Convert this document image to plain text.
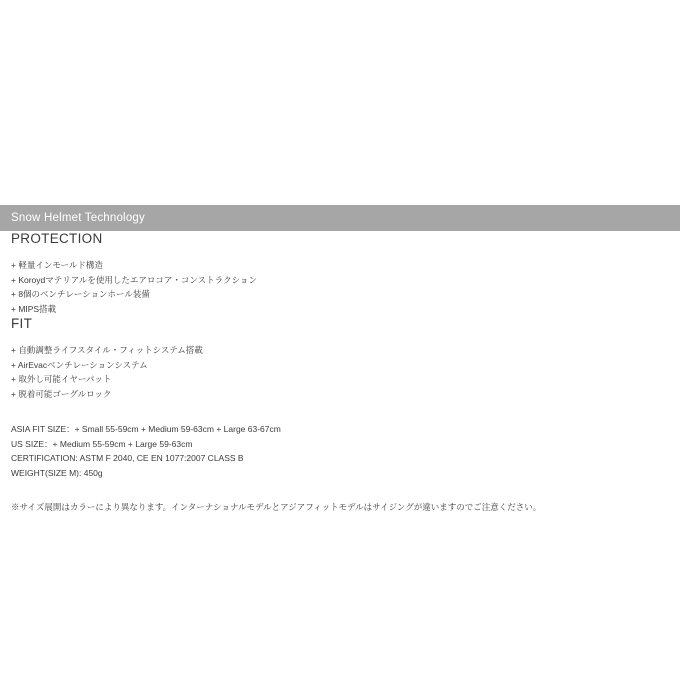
Snow Helmet Technology
PROTECTION
+ 軽量インモールド構造
+ Koroydマテリアルを使用したエアロコア・コンストラクション
+ 8個のベンチレーションホール装備
+ MIPS搭載
FIT
+ 自動調整ライフスタイル・フィットシステム搭載
+ AirEvacベンチレーションシステム
+ 取外し可能イヤーパット
+ 脱着可能ゴーグルロック
ASIA FIT SIZE：+ Small 55-59cm + Medium 59-63cm + Large 63-67cm
US SIZE：+ Medium 55-59cm + Large 59-63cm
CERTIFICATION: ASTM F 2040, CE EN 1077:2007 CLASS B
WEIGHT(SIZE M): 450g
※サイズ展開はカラーにより異なります。インターナショナルモデルとアジアフィットモデルはサイジングが違いますのでご注意ください。
